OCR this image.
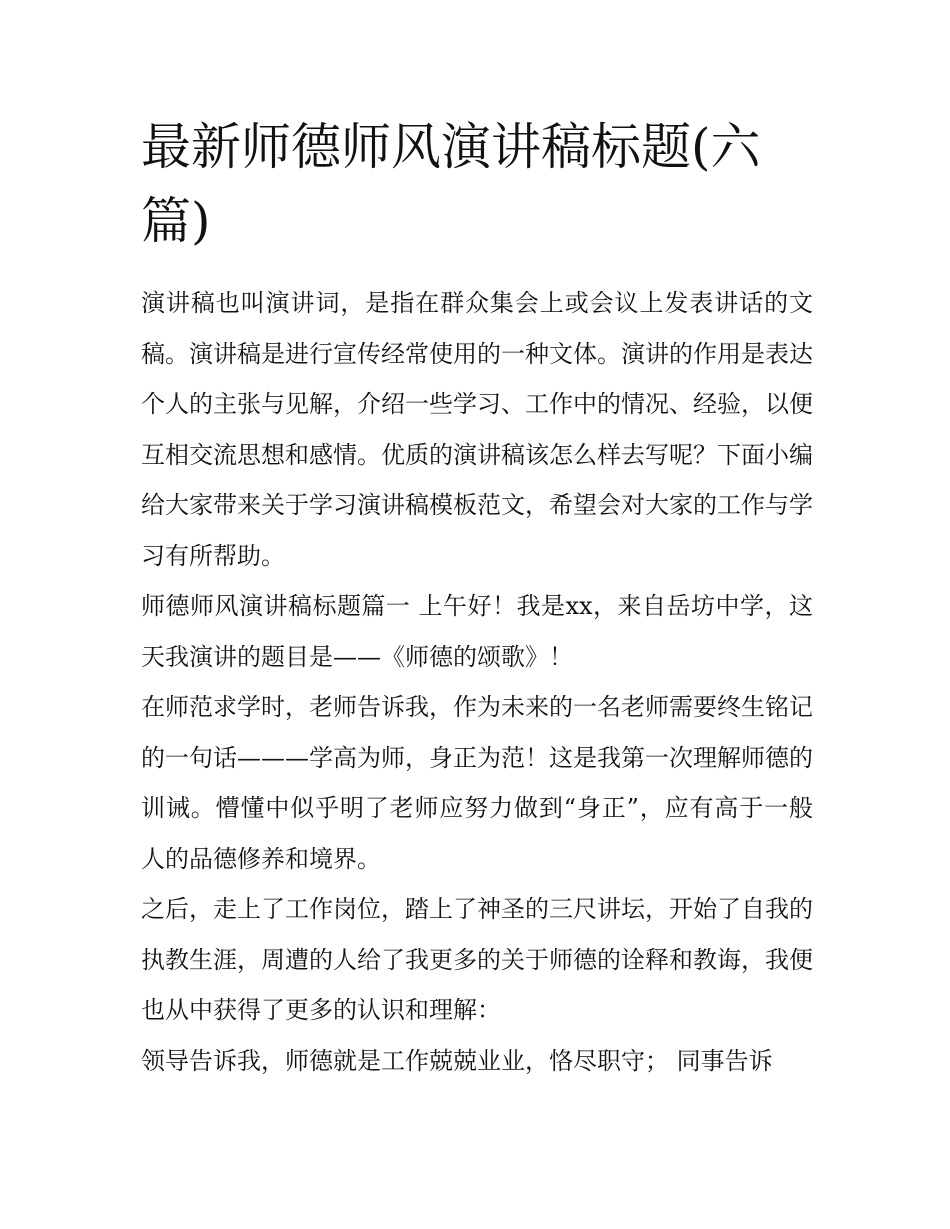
最新师德师风演讲稿标题(六篇)

演讲稿也叫演讲词，是指在群众集会上或会议上发表讲话的文稿。演讲稿是进行宣传经常使用的一种文体。演讲的作用是表达个人的主张与见解，介绍一些学习、工作中的情况、经验，以便互相交流思想和感情。优质的演讲稿该怎么样去写呢？下面小编给大家带来关于学习演讲稿模板范文，希望会对大家的工作与学习有所帮助。

师德师风演讲稿标题篇一 上午好！我是xx，来自岳坊中学，这天我演讲的题目是——《师德的颂歌》！

在师范求学时，老师告诉我，作为未来的一名老师需要终生铭记的一句话———学高为师，身正为范！这是我第一次理解师德的训诫。懵懂中似乎明了老师应努力做到“身正”，应有高于一般人的品德修养和境界。

之后，走上了工作岗位，踏上了神圣的三尺讲坛，开始了自我的执教生涯，周遭的人给了我更多的关于师德的诠释和教诲，我便也从中获得了更多的认识和理解：

领导告诉我，师德就是工作兢兢业业，恪尽职守； 同事告诉
